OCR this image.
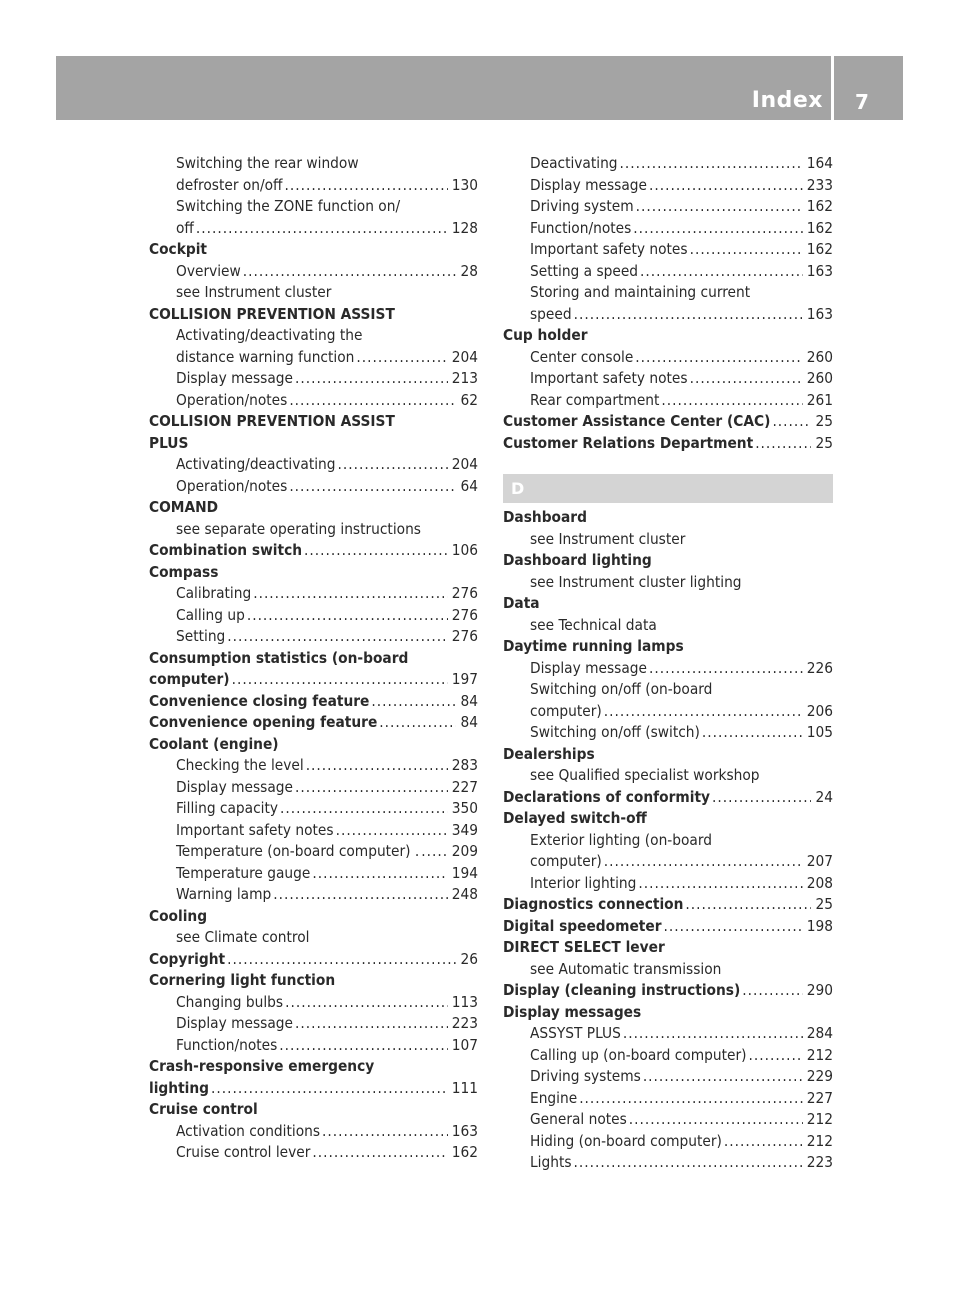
Index 7
Switching the rear window
defroster on/off .....	130
Switching the ZONE function on/
off .....	128
Cockpit
Overview .....	28
see Instrument cluster
COLLISION PREVENTION ASSIST
Activating/deactivating the
distance warning function .....	204
Display message .....	213
Operation/notes .....	62
COLLISION PREVENTION ASSIST
PLUS
Activating/deactivating .....	204
Operation/notes .....	64
COMAND
see separate operating instructions
Combination switch .....	106
Compass
Calibrating .....	276
Calling up .....	276
Setting .....	276
Consumption statistics (on-board
computer) .....	197
Convenience closing feature .....	84
Convenience opening feature .....	84
Coolant (engine)
Checking the level .....	283
Display message .....	227
Filling capacity .....	350
Important safety notes .....	349
Temperature (on-board computer) . ..... 209
Temperature gauge .....	194
Warning lamp .....	248
Cooling
see Climate control
Copyright .....	26
Cornering light function
Changing bulbs .....	113
Display message .....	223
Function/notes .....	107
Crash-responsive emergency
lighting .....	111
Cruise control
Activation conditions .....	163
Cruise control lever .....	162
Deactivating .....	164
Display message .....	233
Driving system .....	162
Function/notes .....	162
Important safety notes .....	162
Setting a speed .....	163
Storing and maintaining current
speed .....	163
Cup holder
Center console .....	260
Important safety notes .....	260
Rear compartment .....	261
Customer Assistance Center (CAC) .....	25
Customer Relations Department .....	25
D
Dashboard
see Instrument cluster
Dashboard lighting
see Instrument cluster lighting
Data
see Technical data
Daytime running lamps
Display message .....	226
Switching on/off (on-board
computer) .....	206
Switching on/off (switch) .....	105
Dealerships
see Qualified specialist workshop
Declarations of conformity .....	24
Delayed switch-off
Exterior lighting (on-board
computer) .....	207
Interior lighting .....	208
Diagnostics connection .....	25
Digital speedometer .....	198
DIRECT SELECT lever
see Automatic transmission
Display (cleaning instructions) .....	290
Display messages
ASSYST PLUS .....	284
Calling up (on-board computer) .....	212
Driving systems .....	229
Engine .....	227
General notes .....	212
Hiding (on-board computer) .....	212
Lights .....	223
